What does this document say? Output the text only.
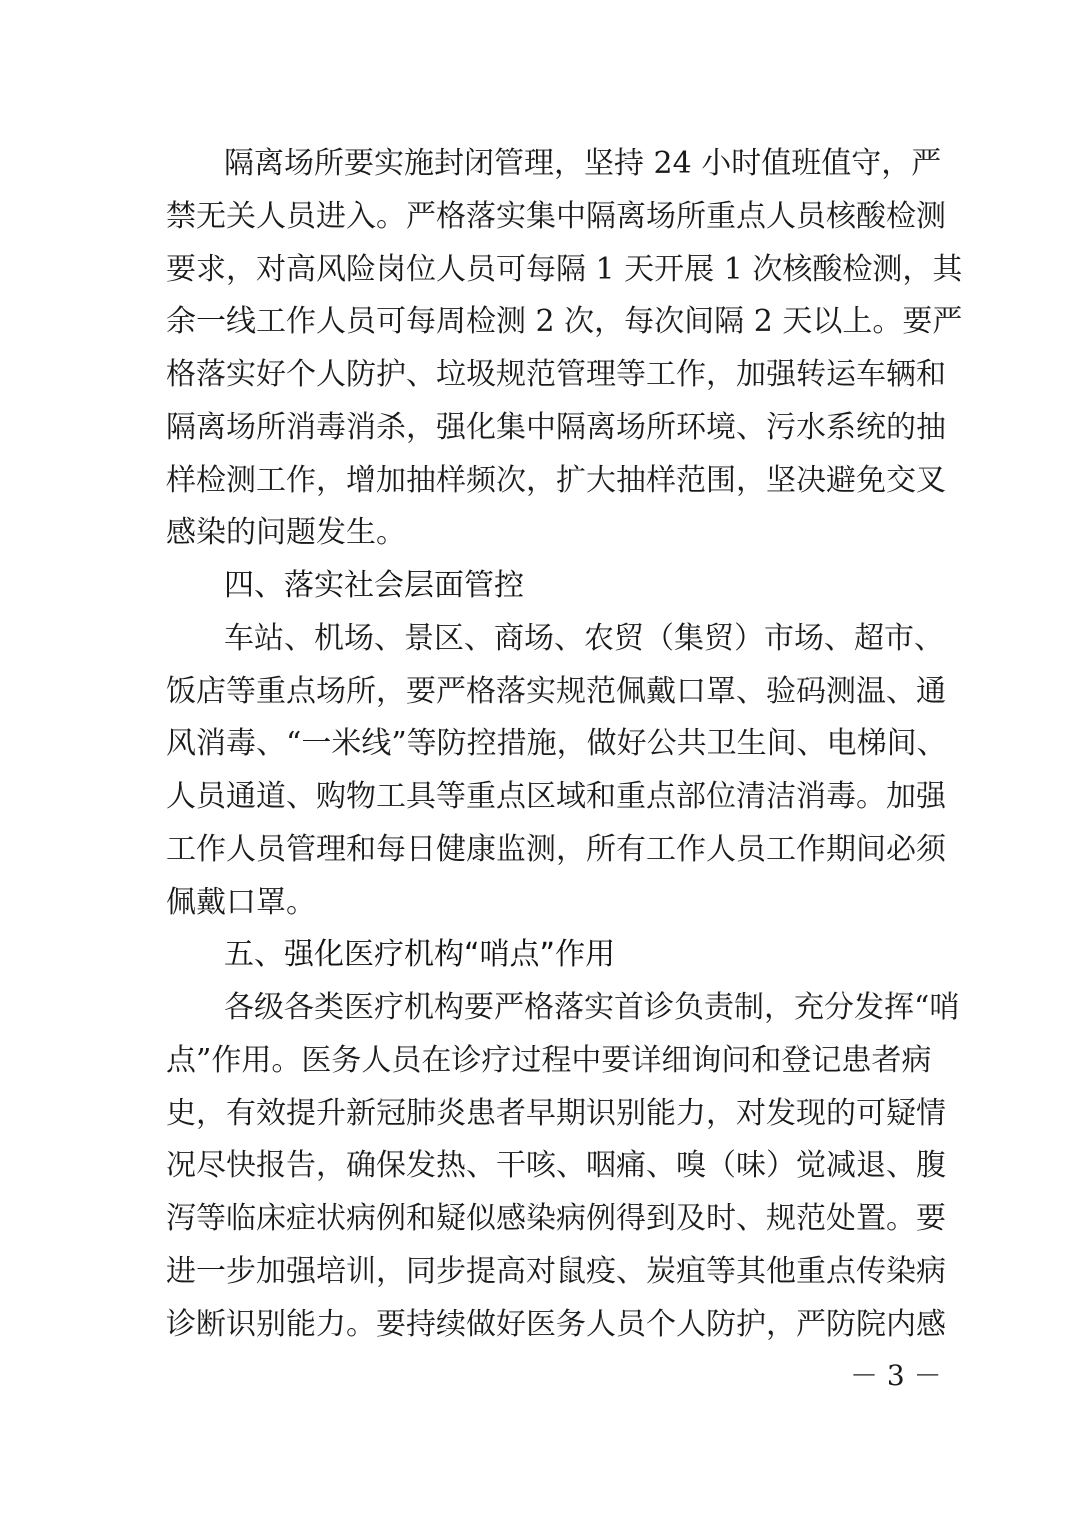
隔离场所要实施封闭管理，坚持 24 小时值班值守，严
禁无关人员进入。严格落实集中隔离场所重点人员核酸检测
要求，对高风险岗位人员可每隔 1 天开展 1 次核酸检测，其
余一线工作人员可每周检测 2 次，每次间隔 2 天以上。要严
格落实好个人防护、垃圾规范管理等工作，加强转运车辆和
隔离场所消毒消杀，强化集中隔离场所环境、污水系统的抽
样检测工作，增加抽样频次，扩大抽样范围，坚决避免交叉
感染的问题发生。
四、落实社会层面管控
车站、机场、景区、商场、农贸（集贸）市场、超市、
饭店等重点场所，要严格落实规范佩戴口罩、验码测温、通
风消毒、“一米线”等防控措施，做好公共卫生间、电梯间、
人员通道、购物工具等重点区域和重点部位清洁消毒。加强
工作人员管理和每日健康监测，所有工作人员工作期间必须
佩戴口罩。
五、强化医疗机构“哨点”作用
各级各类医疗机构要严格落实首诊负责制，充分发挥“哨
点”作用。医务人员在诊疗过程中要详细询问和登记患者病
史，有效提升新冠肺炎患者早期识别能力，对发现的可疑情
况尽快报告，确保发热、干咳、咽痛、嗅（味）觉减退、腹
泻等临床症状病例和疑似感染病例得到及时、规范处置。要
进一步加强培训，同步提高对鼠疫、炭疽等其他重点传染病
诊断识别能力。要持续做好医务人员个人防护，严防院内感
－ 3 －
